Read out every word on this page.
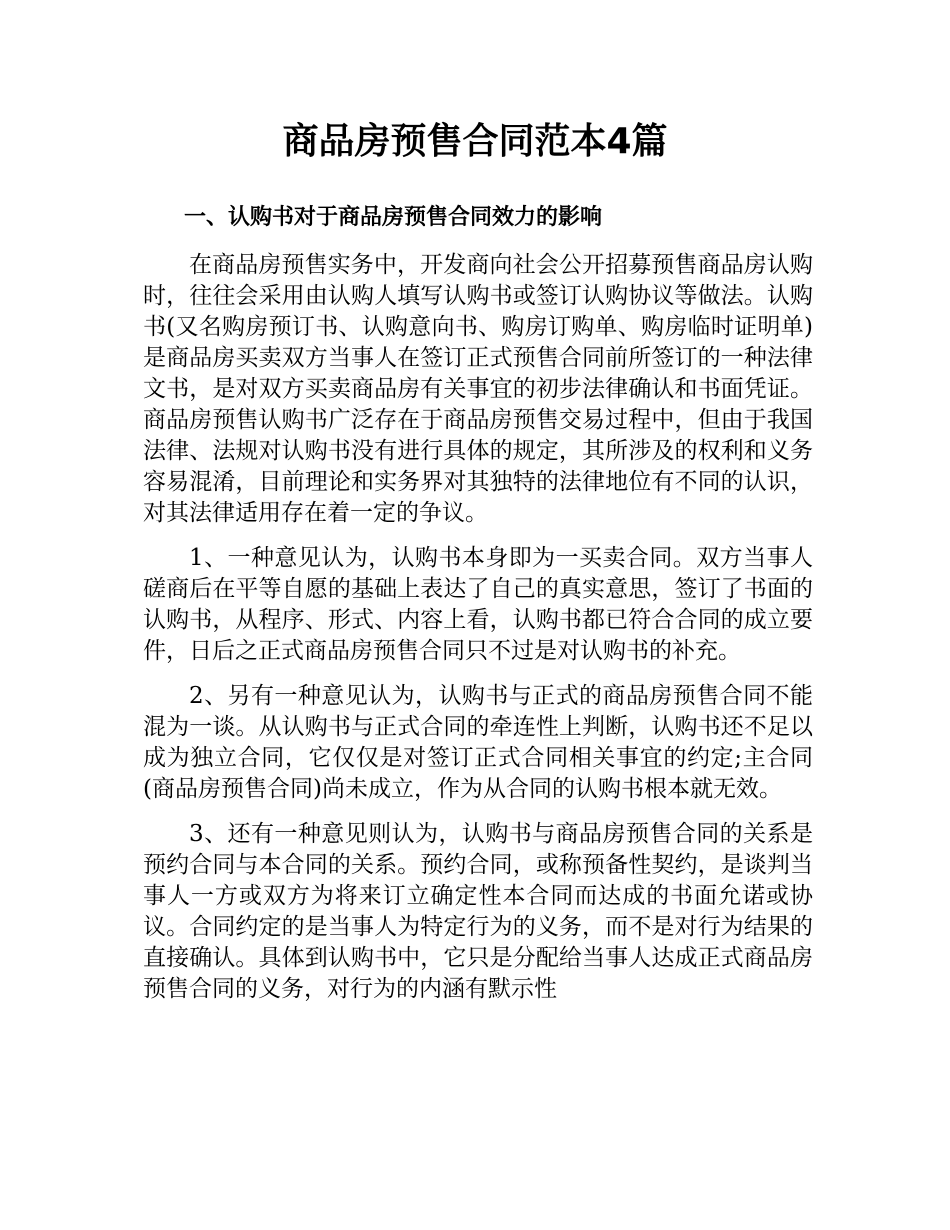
商品房预售合同范本4篇
一、认购书对于商品房预售合同效力的影响

在商品房预售实务中，开发商向社会公开招募预售商品房认购时，往往会采用由认购人填写认购书或签订认购协议等做法。认购书(又名购房预订书、认购意向书、购房订购单、购房临时证明单)是商品房买卖双方当事人在签订正式预售合同前所签订的一种法律文书，是对双方买卖商品房有关事宜的初步法律确认和书面凭证。商品房预售认购书广泛存在于商品房预售交易过程中，但由于我国法律、法规对认购书没有进行具体的规定，其所涉及的权利和义务容易混淆，目前理论和实务界对其独特的法律地位有不同的认识，对其法律适用存在着一定的争议。

1、一种意见认为，认购书本身即为一买卖合同。双方当事人磋商后在平等自愿的基础上表达了自己的真实意思，签订了书面的认购书，从程序、形式、内容上看，认购书都已符合合同的成立要件，日后之正式商品房预售合同只不过是对认购书的补充。

2、另有一种意见认为，认购书与正式的商品房预售合同不能混为一谈。从认购书与正式合同的牵连性上判断，认购书还不足以成为独立合同，它仅仅是对签订正式合同相关事宜的约定;主合同(商品房预售合同)尚未成立，作为从合同的认购书根本就无效。

3、还有一种意见则认为，认购书与商品房预售合同的关系是预约合同与本合同的关系。预约合同，或称预备性契约，是谈判当事人一方或双方为将来订立确定性本合同而达成的书面允诺或协议。合同约定的是当事人为特定行为的义务，而不是对行为结果的直接确认。具体到认购书中，它只是分配给当事人达成正式商品房预售合同的义务，对行为的内涵有默示性
